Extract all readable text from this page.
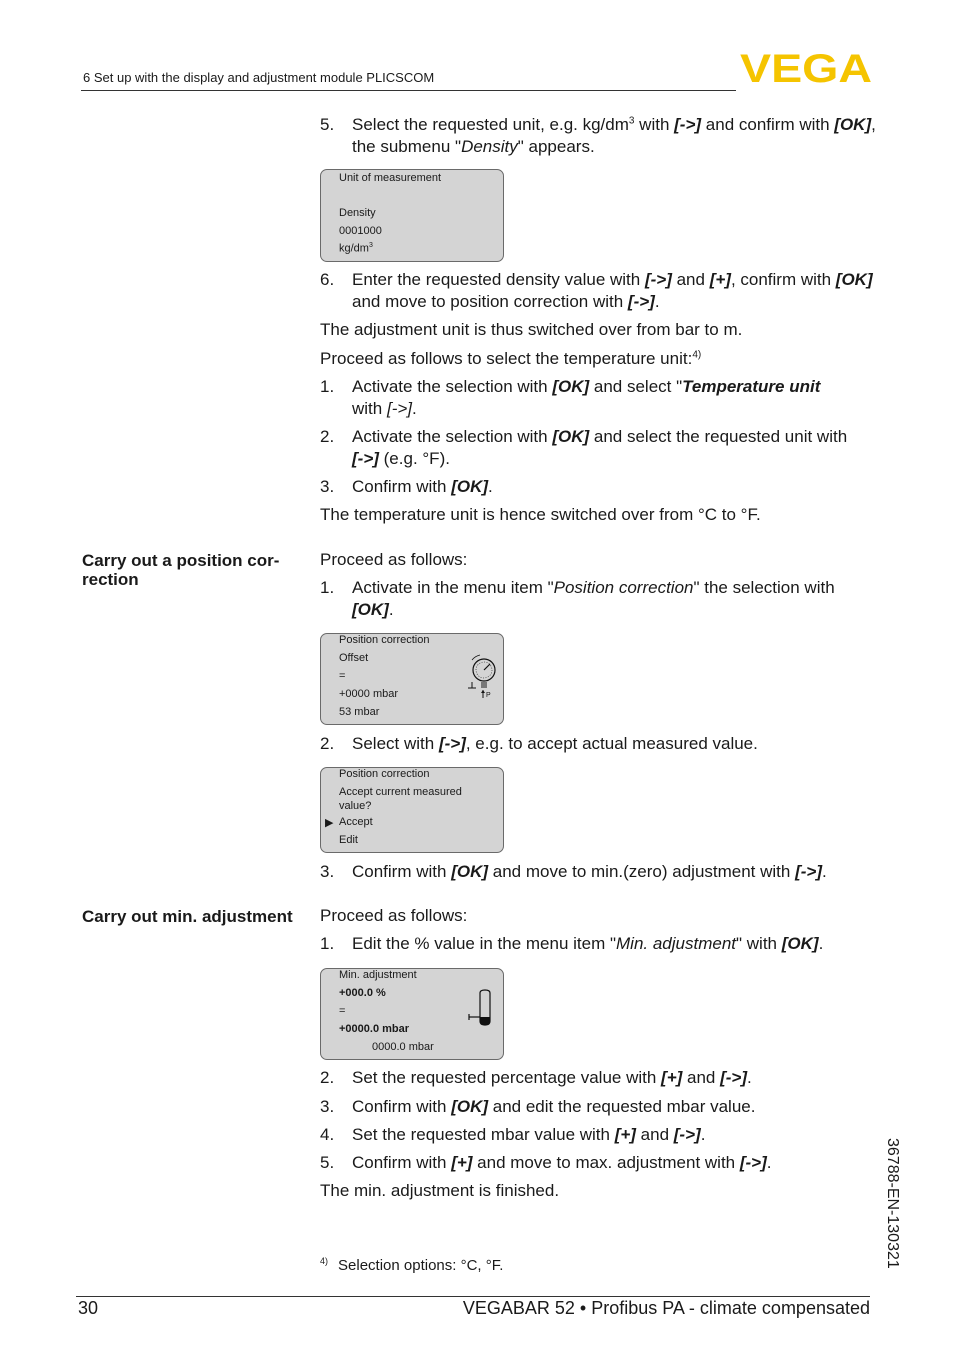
6 Set up with the display and adjustment module PLICSCOM	VEGA
5. Select the requested unit, e.g. $kg/dm^3$ with [->] and confirm with [OK], the submenu "Density" appears.
Unit of measurement
Density
0001000
$kg/dm^3$
6. Enter the requested density value with [->] and [+], confirm with [OK] and move to position correction with [->].
The adjustment unit is thus switched over from bar to m.
Proceed as follows to select the temperature unit:$^{4)}$
1. Activate the selection with [OK] and select "Temperature unit
with [->].
2. Activate the selection with [OK] and select the requested unit with
[->] (e.g. °F).
3. Confirm with [OK].
The temperature unit is hence switched over from °C to °F.
Carry out a position cor-
rection
Proceed as follows:
1. Activate in the menu item "Position correction" the selection with
[OK].
Position correction
Offset
=
+0000 mbar
53 mbar
P
2. Select with [->], e.g. to accept actual measured value.
Position correction
Accept current measured
value?
▶ Accept
Edit
3. Confirm with [OK] and move to min.(zero) adjustment with [->].
Carry out min. adjustment	Proceed as follows:
1. Edit the % value in the menu item "Min. adjustment" with [OK].
Min. adjustment
+000.0 %
=
+0000.0 mbar
0000.0 mbar
2. Set the requested percentage value with [+] and [->].
3. Confirm with [OK] and edit the requested mbar value.
4. Set the requested mbar value with [+] and [->].
5. Confirm with [+] and move to max. adjustment with [->].
The min. adjustment is finished.
$^{4)}$ Selection options: °C, °F.
30	VEGABAR 52 • Profibus PA - climate compensated
36788-EN-130321
